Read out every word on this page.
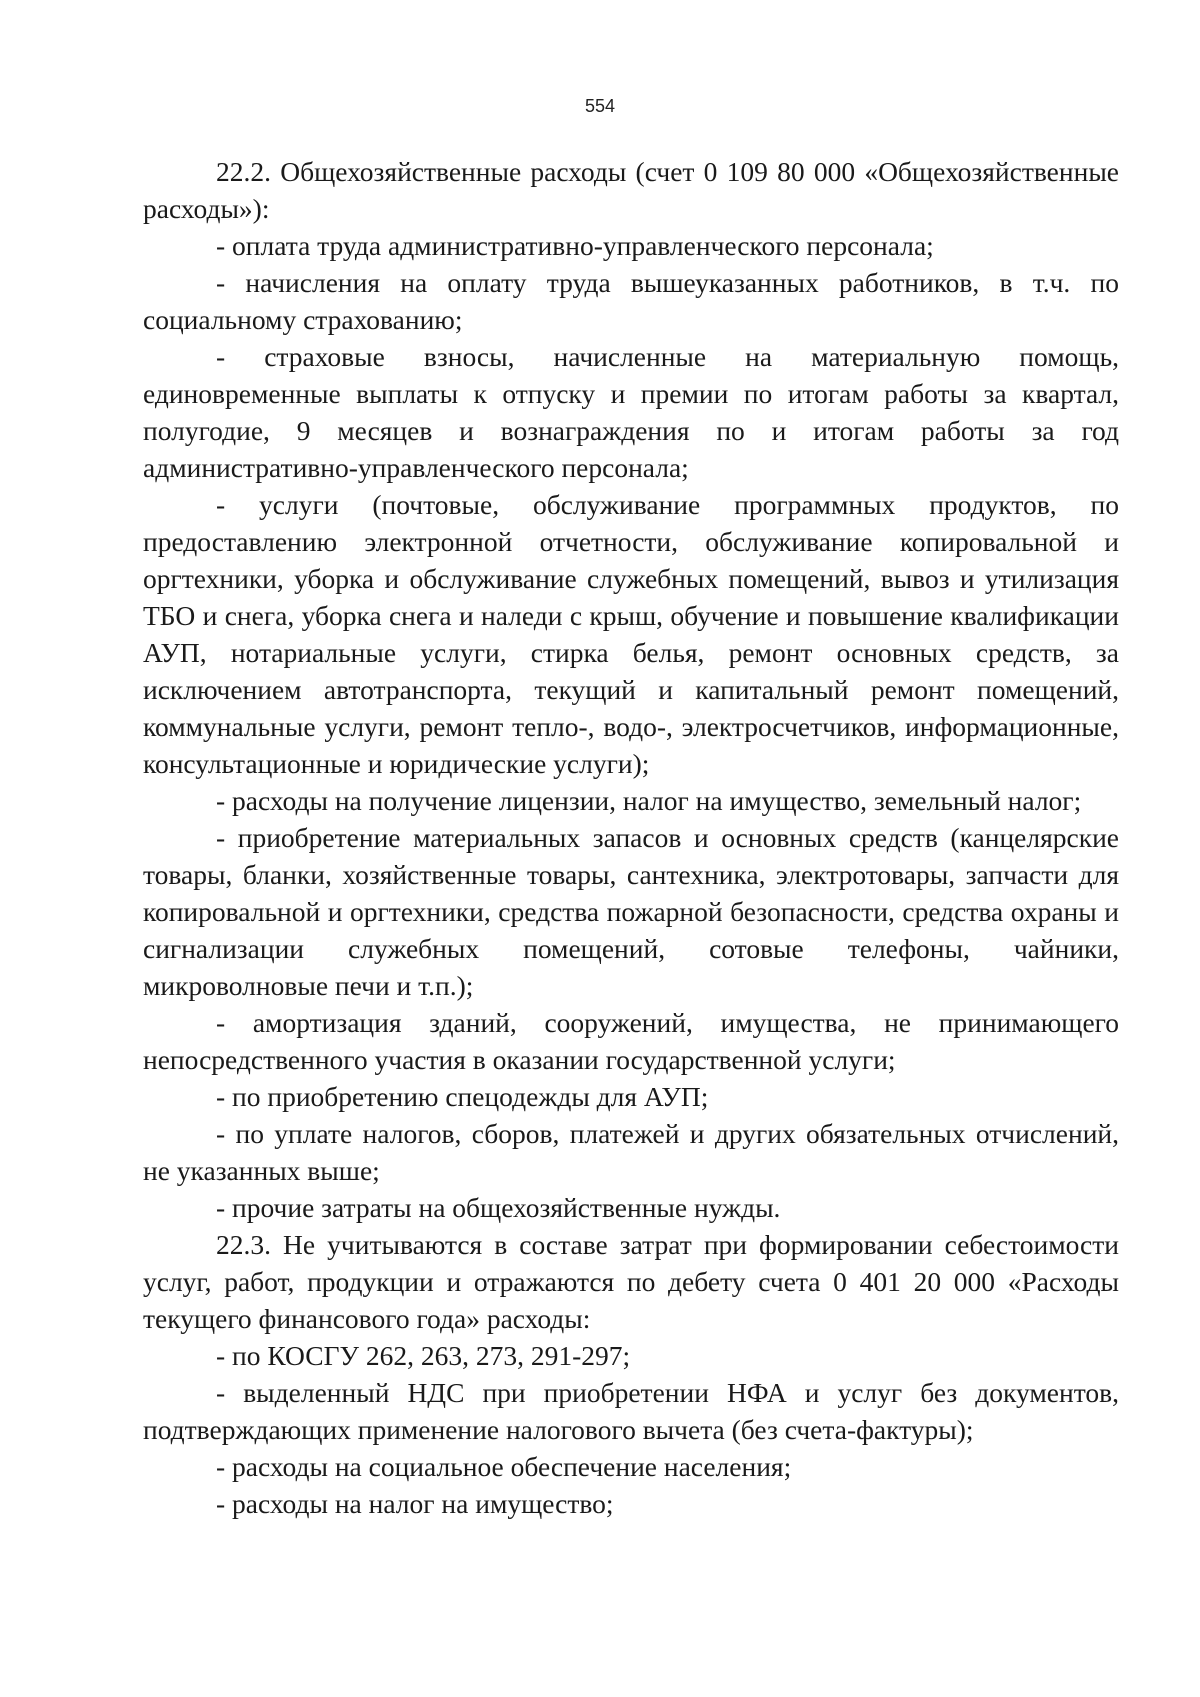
554

22.2. Общехозяйственные расходы (счет 0 109 80 000 «Общехозяйственные расходы»):

- оплата труда административно-управленческого персонала;

- начисления на оплату труда вышеуказанных работников, в т.ч. по социальному страхованию;

- страховые взносы, начисленные на материальную помощь, единовременные выплаты к отпуску и премии по итогам работы за квартал, полугодие, 9 месяцев и вознаграждения по и итогам работы за год административно-управленческого персонала;

- услуги (почтовые, обслуживание программных продуктов, по предоставлению электронной отчетности, обслуживание копировальной и оргтехники, уборка и обслуживание служебных помещений, вывоз и утилизация ТБО и снега, уборка снега и наледи с крыш, обучение и повышение квалификации АУП, нотариальные услуги, стирка белья, ремонт основных средств, за исключением автотранспорта, текущий и капитальный ремонт помещений, коммунальные услуги, ремонт тепло-, водо-, электросчетчиков, информационные, консультационные и юридические услуги);

- расходы на получение лицензии, налог на имущество, земельный налог;

- приобретение материальных запасов и основных средств (канцелярские товары, бланки, хозяйственные товары, сантехника, электротовары, запчасти для копировальной и оргтехники, средства пожарной безопасности, средства охраны и сигнализации служебных помещений, сотовые телефоны, чайники, микроволновые печи и т.п.);

- амортизация зданий, сооружений, имущества, не принимающего непосредственного участия в оказании государственной услуги;

- по приобретению спецодежды для АУП;

- по уплате налогов, сборов, платежей и других обязательных отчислений, не указанных выше;

- прочие затраты на общехозяйственные нужды.

22.3. Не учитываются в составе затрат при формировании себестоимости услуг, работ, продукции и отражаются по дебету счета 0 401 20 000 «Расходы текущего финансового года» расходы:

- по КОСГУ 262, 263, 273, 291-297;

- выделенный НДС при приобретении НФА и услуг без документов, подтверждающих применение налогового вычета (без счета-фактуры);

- расходы на социальное обеспечение населения;

- расходы на налог на имущество;
